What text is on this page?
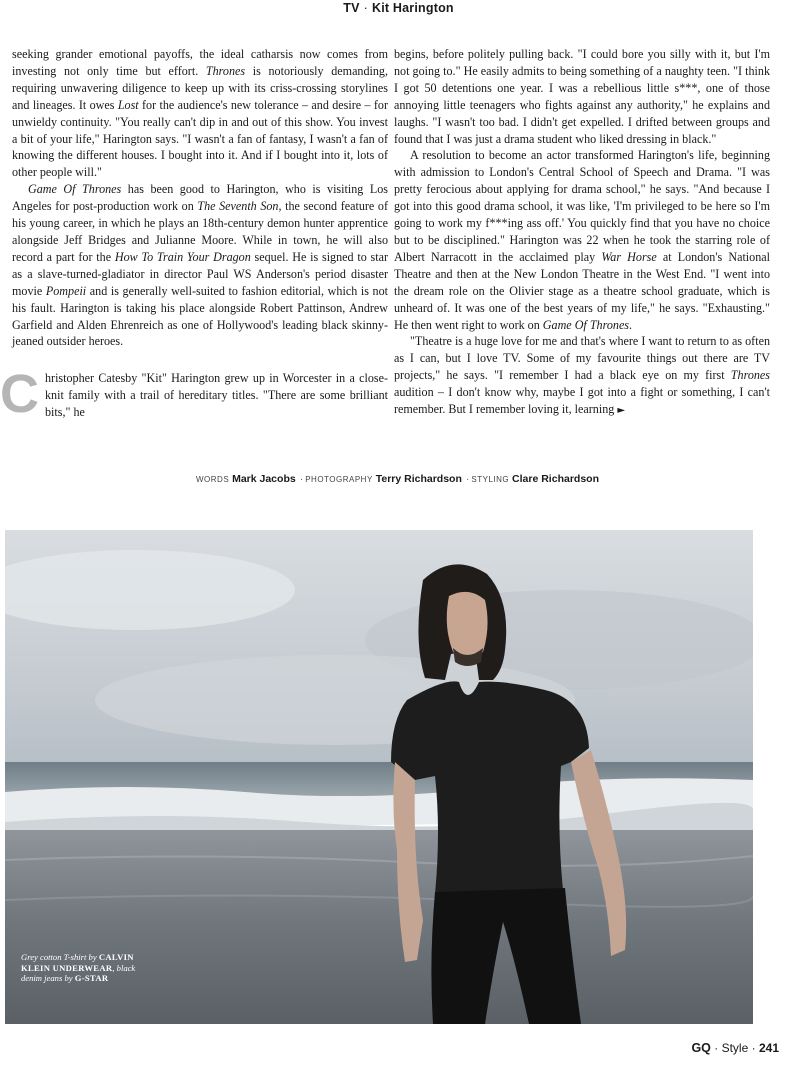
TV · Kit Harington

seeking grander emotional payoffs, the ideal catharsis now comes from investing not only time but effort. Thrones is notoriously demanding, requiring unwavering diligence to keep up with its criss-crossing storylines and lineages. It owes Lost for the audience's new tolerance – and desire – for unwieldy continuity. "You really can't dip in and out of this show. You invest a bit of your life," Harington says. "I wasn't a fan of fantasy, I wasn't a fan of knowing the different houses. I bought into it. And if I bought into it, lots of other people will."

Game Of Thrones has been good to Harington, who is visiting Los Angeles for post-production work on The Seventh Son, the second feature of his young career, in which he plays an 18th-century demon hunter apprentice alongside Jeff Bridges and Julianne Moore. While in town, he will also record a part for the How To Train Your Dragon sequel. He is signed to star as a slave-turned-gladiator in director Paul WS Anderson's period disaster movie Pompeii and is generally well-suited to fashion editorial, which is not his fault. Harington is taking his place alongside Robert Pattinson, Andrew Garfield and Alden Ehrenreich as one of Hollywood's leading black skinny-jeaned outsider heroes.

Christopher Catesby "Kit" Harington grew up in Worcester in a close-knit family with a trail of hereditary titles. "There are some brilliant bits," he

begins, before politely pulling back. "I could bore you silly with it, but I'm not going to." He easily admits to being something of a naughty teen. "I think I got 50 detentions one year. I was a rebellious little s***, one of those annoying little teenagers who fights against any authority," he explains and laughs. "I wasn't too bad. I didn't get expelled. I drifted between groups and found that I was just a drama student who liked dressing in black."

A resolution to become an actor transformed Harington's life, beginning with admission to London's Central School of Speech and Drama. "I was pretty ferocious about applying for drama school," he says. "And because I got into this good drama school, it was like, 'I'm privileged to be here so I'm going to work my f***ing ass off.' You quickly find that you have no choice but to be disciplined." Harington was 22 when he took the starring role of Albert Narracott in the acclaimed play War Horse at London's National Theatre and then at the New London Theatre in the West End. "I went into the dream role on the Olivier stage as a theatre school graduate, which is unheard of. It was one of the best years of my life," he says. "Exhausting." He then went right to work on Game Of Thrones.

"Theatre is a huge love for me and that's where I want to return to as often as I can, but I love TV. Some of my favourite things out there are TV projects," he says. "I remember I had a black eye on my first Thrones audition – I don't know why, maybe I got into a fight or something, I can't remember. But I remember loving it, learning ►

WORDS Mark Jacobs · PHOTOGRAPHY Terry Richardson · STYLING Clare Richardson
Grey cotton T-shirt by CALVIN KLEIN UNDERWEAR, black denim jeans by G-STAR
GQ · Style · 241
